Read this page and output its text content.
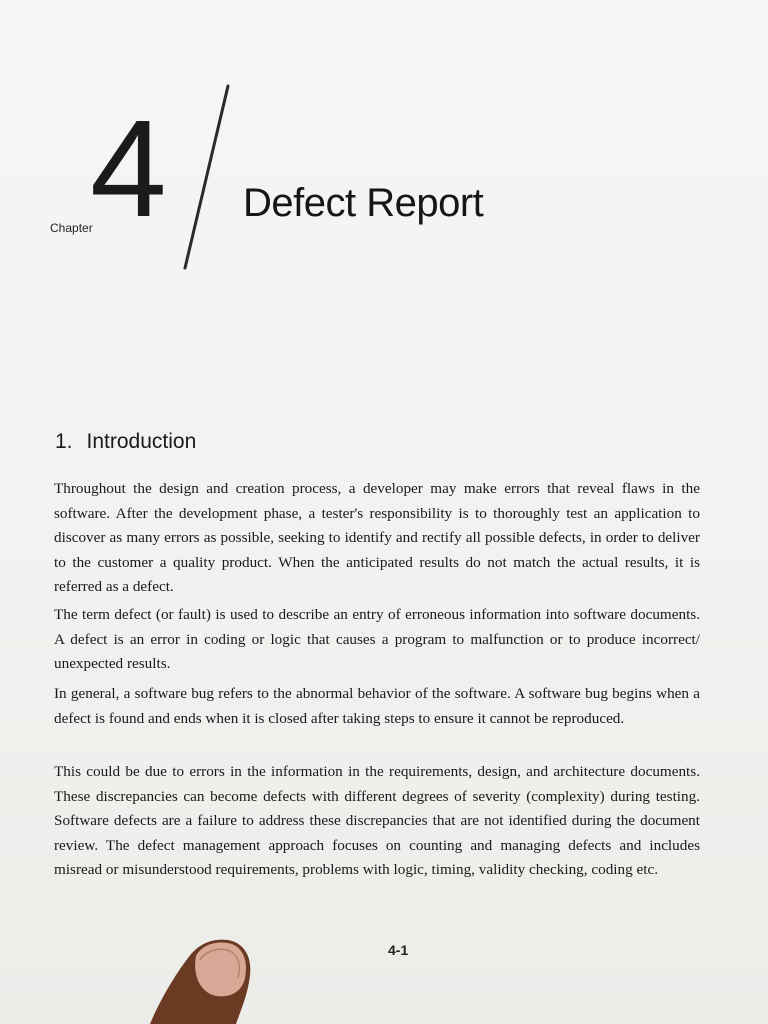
Chapter
4 Defect Report
1. Introduction

Throughout the design and creation process, a developer may make errors that reveal flaws in the software. After the development phase, a tester's responsibility is to thoroughly test an application to discover as many errors as possible, seeking to identify and rectify all possible defects, in order to deliver to the customer a quality product. When the anticipated results do not match the actual results, it is referred as a defect.

The term defect (or fault) is used to describe an entry of erroneous information into software documents. A defect is an error in coding or logic that causes a program to malfunction or to produce incorrect/ unexpected results.

In general, a software bug refers to the abnormal behavior of the software. A software bug begins when a defect is found and ends when it is closed after taking steps to ensure it cannot be reproduced.

This could be due to errors in the information in the requirements, design, and architecture documents. These discrepancies can become defects with different degrees of severity (complexity) during testing. Software defects are a failure to address these discrepancies that are not identified during the document review. The defect management approach focuses on counting and managing defects and includes misread or misunderstood requirements, problems with logic, timing, validity checking, coding etc.

4-1
